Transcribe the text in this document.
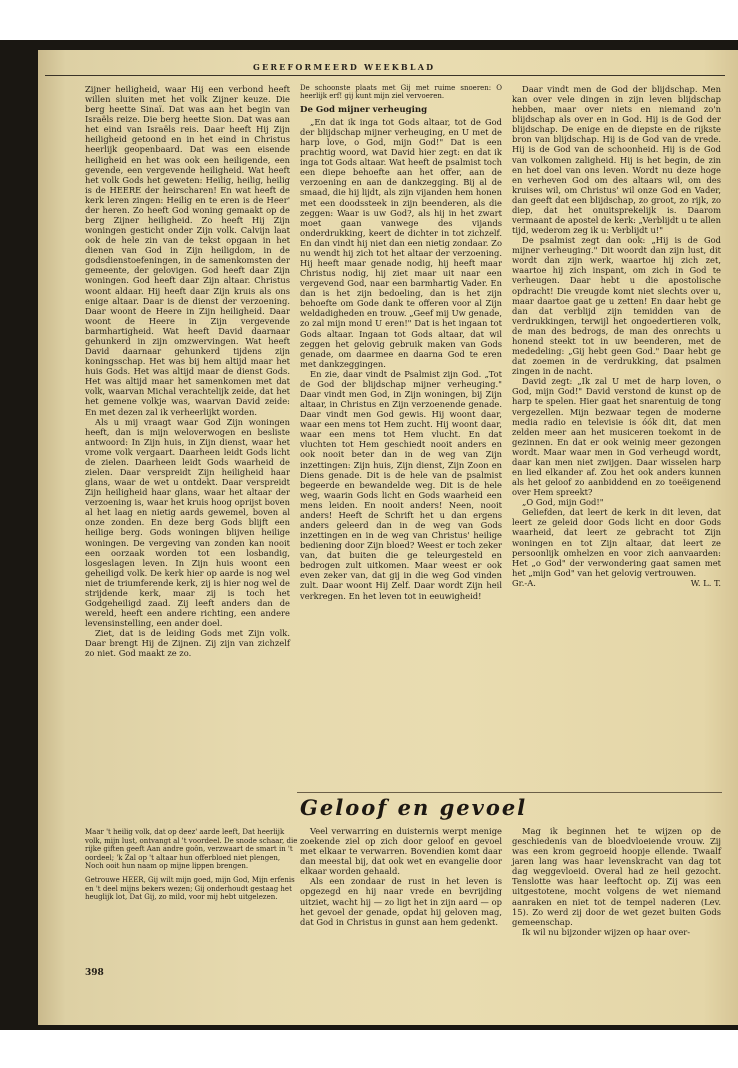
GEREFORMEERD WEEKBLAD

Zijner heiligheid, waar Hij een verbond heeft willen sluiten met het volk Zijner keuze. Die berg heette Sinaï. Dat was aan het begin van Israëls reize. Die berg heette Sion. Dat was aan het eind van Israëls reis. Daar heeft Hij Zijn heiligheid getoond en in het eind in Christus heerlijk geopenbaard. Dat was een eisende heiligheid en het was ook een heiligende, een gevende, een vergevende heiligheid. Wat heeft het volk Gods het geweten: Heilig, heilig, heilig is de HEERE der heirscharen! En wat heeft de kerk leren zingen: Heilig en te eren is de Heer' der heren. Zo heeft God woning gemaakt op de berg Zijner heiligheid. Zo heeft Hij Zijn woningen gesticht onder Zijn volk. Calvijn laat ook de hele zin van de tekst opgaan in het dienen van God in Zijn heiligdom, in de godsdienstoefeningen, in de samenkomsten der gemeente, der gelovigen. God heeft daar Zijn woningen. God heeft daar Zijn altaar. Christus woont aldaar. Hij heeft daar Zijn kruis als ons enige altaar. Daar is de dienst der verzoening. Daar woont de Heere in Zijn heiligheid. Daar woont de Heere in Zijn vergevende barmhartigheid. Wat heeft David daarnaar gehunkerd in zijn omzwervingen. Wat heeft David daarnaar gehunkerd tijdens zijn koningsschap. Het was bij hem altijd maar het huis Gods. Het was altijd maar de dienst Gods. Het was altijd maar het samenkomen met dat volk, waarvan Michal verachtelijk zeide, dat het het gemene volkje was, waarvan David zeide: En met dezen zal ik verheerlijkt worden.

Als u mij vraagt waar God Zijn woningen heeft, dan is mijn weloverwogen en besliste antwoord: In Zijn huis, in Zijn dienst, waar het vrome volk vergaart. Daarheen leidt Gods licht de zielen. Daarheen leidt Gods waarheid de zielen. Daar verspreidt Zijn heiligheid haar glans, waar de wet u ontdekt. Daar verspreidt Zijn heiligheid haar glans, waar het altaar der verzoening is, waar het kruis hoog oprijst boven al het laag en nietig aards gewemel, boven al onze zonden. En deze berg Gods blijft een heilige berg. Gods woningen blijven heilige woningen. De vergeving van zonden kan nooit een oorzaak worden tot een losbandig, losgeslagen leven. In Zijn huis woont een geheiligd volk. De kerk hier op aarde is nog wel niet de triumferende kerk, zij is hier nog wel de strijdende kerk, maar zij is toch het Godgeheiligd zaad. Zij leeft anders dan de wereld, heeft een andere richting, een andere levensinstelling, een ander doel.

Ziet, dat is de leiding Gods met Zijn volk. Daar brengt Hij de Zijnen. Zij zijn van zichzelf zo niet. God maakt ze zo.

Maar 't heilig volk, dat op deez' aarde leeft, Dat heerlijk volk, mijn lust, ontvangt al 't voordeel. De snode schaar, die rijke giften geeft Aan andre goôn, verzwaart de smart in 't oordeel; 'k Zal op 't altaar hun offerbloed niet plengen, Noch ooit hun naam op mijne lippen brengen.

Getrouwe HEER, Gij wilt mijn goed, mijn God, Mijn erfenis en 't deel mijns bekers wezen; Gij onderhoudt gestaag het heuglijk lot, Dat Gij, zo mild, voor mij hebt uitgelezen.

398

De schoonste plaats met Gij met ruime snoeren: O heerlijk erf! gij kunt mijn ziel vervoeren.

De God mijner verheuging

„En dat ik inga tot Gods altaar, tot de God der blijdschap mijner verheuging, en U met de harp love, o God, mijn God!" Dat is een prachtig woord, wat David hier zegt: en dat ik inga tot Gods altaar. Wat heeft de psalmist toch een diepe behoefte aan het offer, aan de verzoening en aan de dankzegging. Bij al de smaad, die hij lijdt, als zijn vijanden hem honen met een doodssteek in zijn beenderen, als die zeggen: Waar is uw God?, als hij in het zwart moet gaan vanwege des vijands onderdrukking, keert de dichter in tot zichzelf. En dan vindt hij niet dan een nietig zondaar. Zo nu wendt hij zich tot het altaar der verzoening. Hij heeft maar genade nodig, hij heeft maar Christus nodig, hij ziet maar uit naar een vergevend God, naar een barmhartig Vader. En dan is het zijn bedoeling, dan is het zijn behoefte om Gode dank te offeren voor al Zijn weldadigheden en trouw. „Geef mij Uw genade, zo zal mijn mond U eren!" Dat is het ingaan tot Gods altaar. Ingaan tot Gods altaar, dat wil zeggen het gelovig gebruik maken van Gods genade, om daarmee en daarna God te eren met dankzeggingen.

En zie, daar vindt de Psalmist zijn God. „Tot de God der blijdschap mijner verheuging." Daar vindt men God, in Zijn woningen, bij Zijn altaar, in Christus en Zijn verzoenende genade. Daar vindt men God gewis. Hij woont daar, waar een mens tot Hem zucht. Hij woont daar, waar een mens tot Hem vlucht. En dat vluchten tot Hem geschiedt nooit anders en ook nooit beter dan in de weg van Zijn inzettingen: Zijn huis, Zijn dienst, Zijn Zoon en Diens genade. Dit is de hele van de psalmist begeerde en bewandelde weg. Dit is de hele weg, waarin Gods licht en Gods waarheid een mens leiden. En nooit anders! Neen, nooit anders! Heeft de Schrift het u dan ergens anders geleerd dan in de weg van Gods inzettingen en in de weg van Christus' heilige bediening door Zijn bloed? Weest er toch zeker van, dat buiten die ge teleurgesteld en bedrogen zult uitkomen. Maar weest er ook even zeker van, dat gij in die weg God vinden zult. Daar woont Hij Zelf. Daar wordt Zijn heil verkregen. En het leven tot in eeuwigheid!

Daar vindt men de God der blijdschap. Men kan over vele dingen in zijn leven blijdschap hebben, maar over niets en niemand zo'n blijdschap als over en in God. Hij is de God der blijdschap. De enige en de diepste en de rijkste bron van blijdschap. Hij is de God van de vrede. Hij is de God van de schoonheid. Hij is de God van volkomen zaligheid. Hij is het begin, de zin en het doel van ons leven. Wordt nu deze hoge en verheven God om des altaars wil, om des kruises wil, om Christus' wil onze God en Vader, dan geeft dat een blijdschap, zo groot, zo rijk, zo diep, dat het onuitsprekelijk is. Daarom vermaant de apostel de kerk: „Verblijdt u te allen tijd, wederom zeg ik u: Verblijdt u!"

De psalmist zegt dan ook: „Hij is de God mijner verheuging." Dit woordt dan zijn lust, dit wordt dan zijn werk, waartoe hij zich zet, waartoe hij zich inspant, om zich in God te verheugen. Daar hebt u die apostolische opdracht! Die vreugde komt niet slechts over u, maar daartoe gaat ge u zetten! En daar hebt ge dan dat verblijd zijn temidden van de verdrukkingen, terwijl het ongoedertieren volk, de man des bedrogs, de man des onrechts u honend steekt tot in uw beenderen, met de mededeling: „Gij hebt geen God." Daar hebt ge dat zoemen in de verdrukking, dat psalmen zingen in de nacht.

David zegt: „Ik zal U met de harp loven, o God, mijn God!" David verstond de kunst op de harp te spelen. Hier gaat het snarentuig de tong vergezellen. Mijn bezwaar tegen de moderne media radio en televisie is óók dit, dat men zelden meer aan het musiceren toekomt in de gezinnen. En dat er ook weinig meer gezongen wordt. Maar waar men in God verheugd wordt, daar kan men niet zwijgen. Daar wisselen harp en lied elkander af. Zou het ook anders kunnen als het geloof zo aanbiddend en zo toeëigenend over Hem spreekt?

„O God, mijn God!"

Geliefden, dat leert de kerk in dit leven, dat leert ze geleid door Gods licht en door Gods waarheid, dat leert ze gebracht tot Zijn woningen en tot Zijn altaar, dat leert ze persoonlijk omhelzen en voor zich aanvaarden: Het „o God" der verwondering gaat samen met het „mijn God" van het gelovig vertrouwen.

Gr.-A.	W. L. T.
Geloof en gevoel

Veel verwarring en duisternis werpt menige zoekende ziel op zich door geloof en gevoel met elkaar te verwarren. Bovendien komt daar dan meestal bij, dat ook wet en evangelie door elkaar worden gehaald.

Als een zondaar de rust in het leven is opgezegd en hij naar vrede en bevrijding uitziet, wacht hij — zo ligt het in zijn aard — op het gevoel der genade, opdat hij geloven mag, dat God in Christus in gunst aan hem gedenkt.

Mag ik beginnen het te wijzen op de geschiedenis van de bloedvloeiende vrouw. Zij was een krom gegroeid hoopje ellende. Twaalf jaren lang was haar levenskracht van dag tot dag weggevloeid. Overal had ze heil gezocht. Tenslotte was haar leeftocht op. Zij was een uitgestotene, mocht volgens de wet niemand aanraken en niet tot de tempel naderen (Lev. 15). Zo werd zij door de wet gezet buiten Gods gemeenschap.

Ik wil nu bijzonder wijzen op haar over-
